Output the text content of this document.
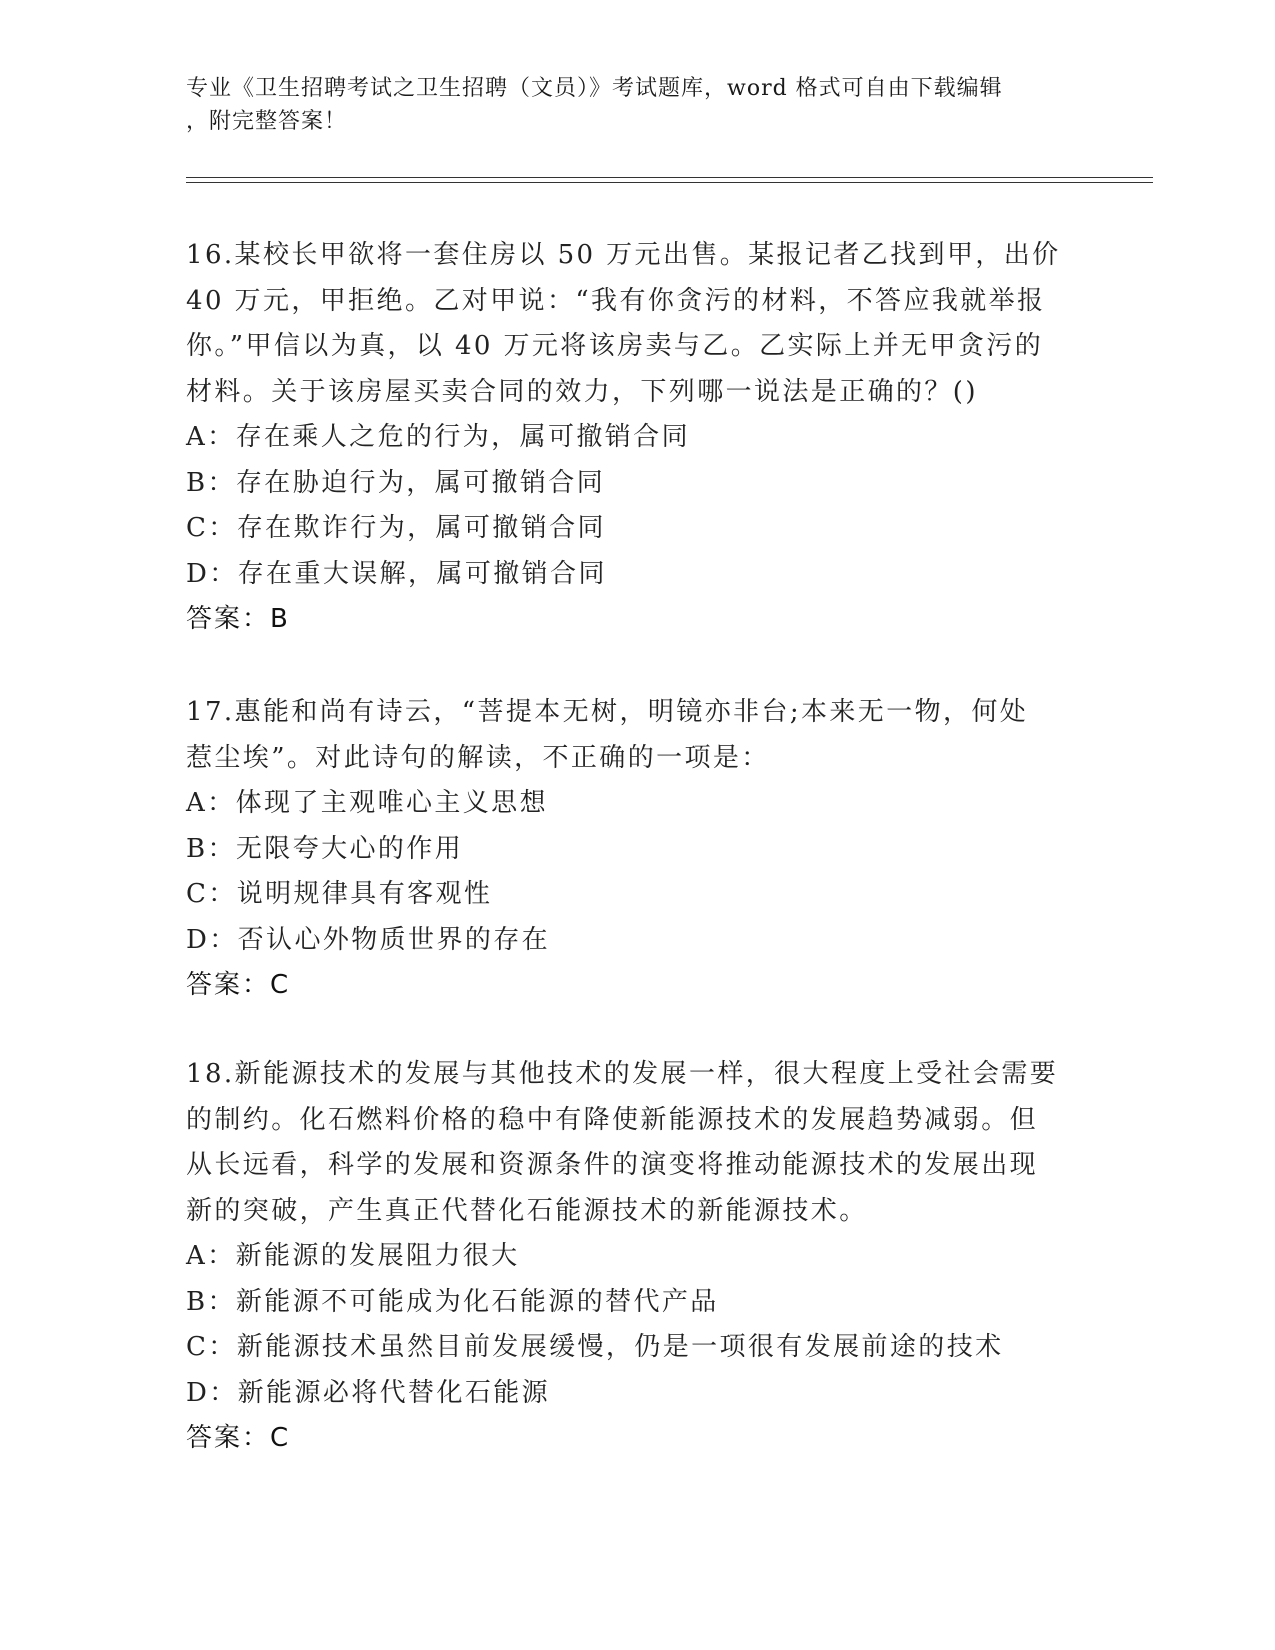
专业《卫生招聘考试之卫生招聘（文员）》考试题库，word 格式可自由下载编辑
，附完整答案！

16.某校长甲欲将一套住房以 50 万元出售。某报记者乙找到甲，出价
40 万元，甲拒绝。乙对甲说：“我有你贪污的材料，不答应我就举报
你。”甲信以为真，以 40 万元将该房卖与乙。乙实际上并无甲贪污的
材料。关于该房屋买卖合同的效力，下列哪一说法是正确的？()

A：存在乘人之危的行为，属可撤销合同

B：存在胁迫行为，属可撤销合同

C：存在欺诈行为，属可撤销合同

D：存在重大误解，属可撤销合同

答案：B

17.惠能和尚有诗云，“菩提本无树，明镜亦非台;本来无一物，何处
惹尘埃”。对此诗句的解读，不正确的一项是：

A：体现了主观唯心主义思想

B：无限夸大心的作用

C：说明规律具有客观性

D：否认心外物质世界的存在

答案：C

18.新能源技术的发展与其他技术的发展一样，很大程度上受社会需要
的制约。化石燃料价格的稳中有降使新能源技术的发展趋势减弱。但
从长远看，科学的发展和资源条件的演变将推动能源技术的发展出现
新的突破，产生真正代替化石能源技术的新能源技术。

A：新能源的发展阻力很大

B：新能源不可能成为化石能源的替代产品

C：新能源技术虽然目前发展缓慢，仍是一项很有发展前途的技术

D：新能源必将代替化石能源

答案：C
